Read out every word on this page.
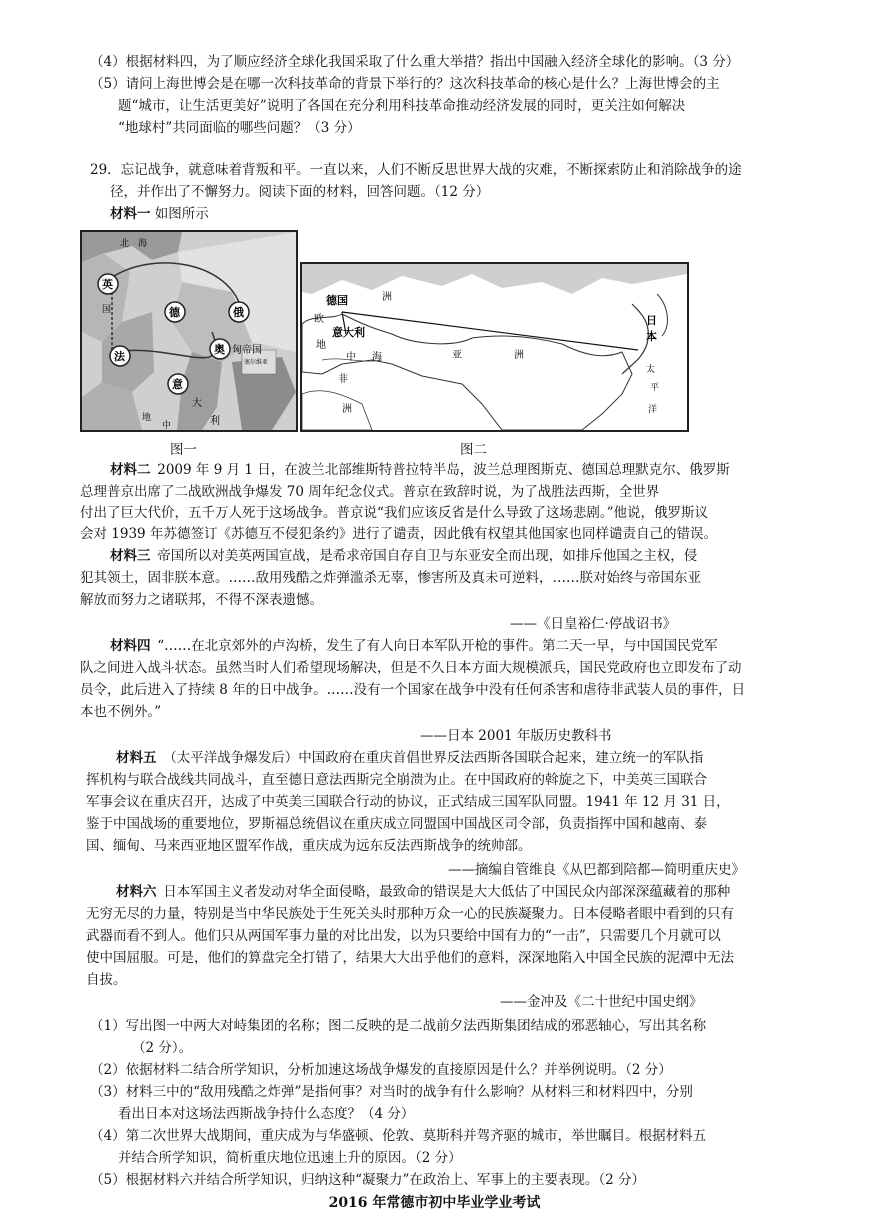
（4）根据材料四，为了顺应经济全球化我国采取了什么重大举措？指出中国融入经济全球化的影响。（3 分）
（5）请问上海世博会是在哪一次科技革命的背景下举行的？这次科技革命的核心是什么？上海世博会的主
题“城市，让生活更美好”说明了各国在充分利用科技革命推动经济发展的同时，更关注如何解决
“地球村”共同面临的哪些问题？（3 分）
29．忘记战争，就意味着背叛和平。一直以来，人们不断反思世界大战的灾难，不断探索防止和消除战争的途
径，并作出了不懈努力。阅读下面的材料，回答问题。（12 分）
材料一 如图所示
北　海
英
国
法
德	俄
奥 匈帝国
意
大
利
地
中
塞尔维亚
图一
德国	洲
欧
意大利
地
中 海	亚	洲
非
洲
日
本
太
平
洋
图二
材料二  2009 年 9 月 1 日，在波兰北部维斯特普拉特半岛，波兰总理图斯克、德国总理默克尔、俄罗斯
总理普京出席了二战欧洲战争爆发 70 周年纪念仪式。普京在致辞时说，为了战胜法西斯，全世界
付出了巨大代价，五千万人死于这场战争。普京说“我们应该反省是什么导致了这场悲剧。”他说，俄罗斯议
会对 1939 年苏德签订《苏德互不侵犯条约》进行了谴责，因此俄有权望其他国家也同样谴责自己的错误。
材料三  帝国所以对美英两国宣战，是希求帝国自存自卫与东亚安全而出现，如排斥他国之主权，侵
犯其领土，固非朕本意。……敌用残酷之炸弹滥杀无辜，惨害所及真未可逆料，……朕对始终与帝国东亚
解放而努力之诸联邦，不得不深表遗憾。
——《日皇裕仁·停战诏书》
材料四  “……在北京郊外的卢沟桥，发生了有人向日本军队开枪的事件。第二天一早，与中国国民党军
队之间进入战斗状态。虽然当时人们希望现场解决，但是不久日本方面大规模派兵，国民党政府也立即发布了动
员令，此后进入了持续 8 年的日中战争。……没有一个国家在战争中没有任何杀害和虐待非武装人员的事件，日
本也不例外。”
——日本 2001 年版历史教科书
材料五  （太平洋战争爆发后）中国政府在重庆首倡世界反法西斯各国联合起来，建立统一的军队指
挥机构与联合战线共同战斗，直至德日意法西斯完全崩溃为止。在中国政府的斡旋之下，中美英三国联合
军事会议在重庆召开，达成了中英美三国联合行动的协议，正式结成三国军队同盟。1941 年 12 月 31 日，
鉴于中国战场的重要地位，罗斯福总统倡议在重庆成立同盟国中国战区司令部，负责指挥中国和越南、泰
国、缅甸、马来西亚地区盟军作战，重庆成为远东反法西斯战争的统帅部。
——摘编自管维良《从巴都到陪都—简明重庆史》
材料六  日本军国主义者发动对华全面侵略，最致命的错误是大大低估了中国民众内部深深蕴藏着的那种
无穷无尽的力量，特别是当中华民族处于生死关头时那种万众一心的民族凝聚力。日本侵略者眼中看到的只有
武器而看不到人。他们只从两国军事力量的对比出发，以为只要给中国有力的“一击”，只需要几个月就可以
使中国屈服。可是，他们的算盘完全打错了，结果大大出乎他们的意料，深深地陷入中国全民族的泥潭中无法
自拔。
——金冲及《二十世纪中国史纲》
（1）写出图一中两大对峙集团的名称；图二反映的是二战前夕法西斯集团结成的邪恶轴心，写出其名称
（2 分）。
（2）依据材料二结合所学知识，分析加速这场战争爆发的直接原因是什么？并举例说明。（2 分）
（3）材料三中的“敌用残酷之炸弹”是指何事？对当时的战争有什么影响？从材料三和材料四中，分别
看出日本对这场法西斯战争持什么态度？（4 分）
（4）第二次世界大战期间，重庆成为与华盛顿、伦敦、莫斯科并驾齐驱的城市，举世瞩目。根据材料五
并结合所学知识，简析重庆地位迅速上升的原因。（2 分）
（5）根据材料六并结合所学知识，归纳这种“凝聚力”在政治上、军事上的主要表现。（2 分）
2016 年常德市初中毕业学业考试
